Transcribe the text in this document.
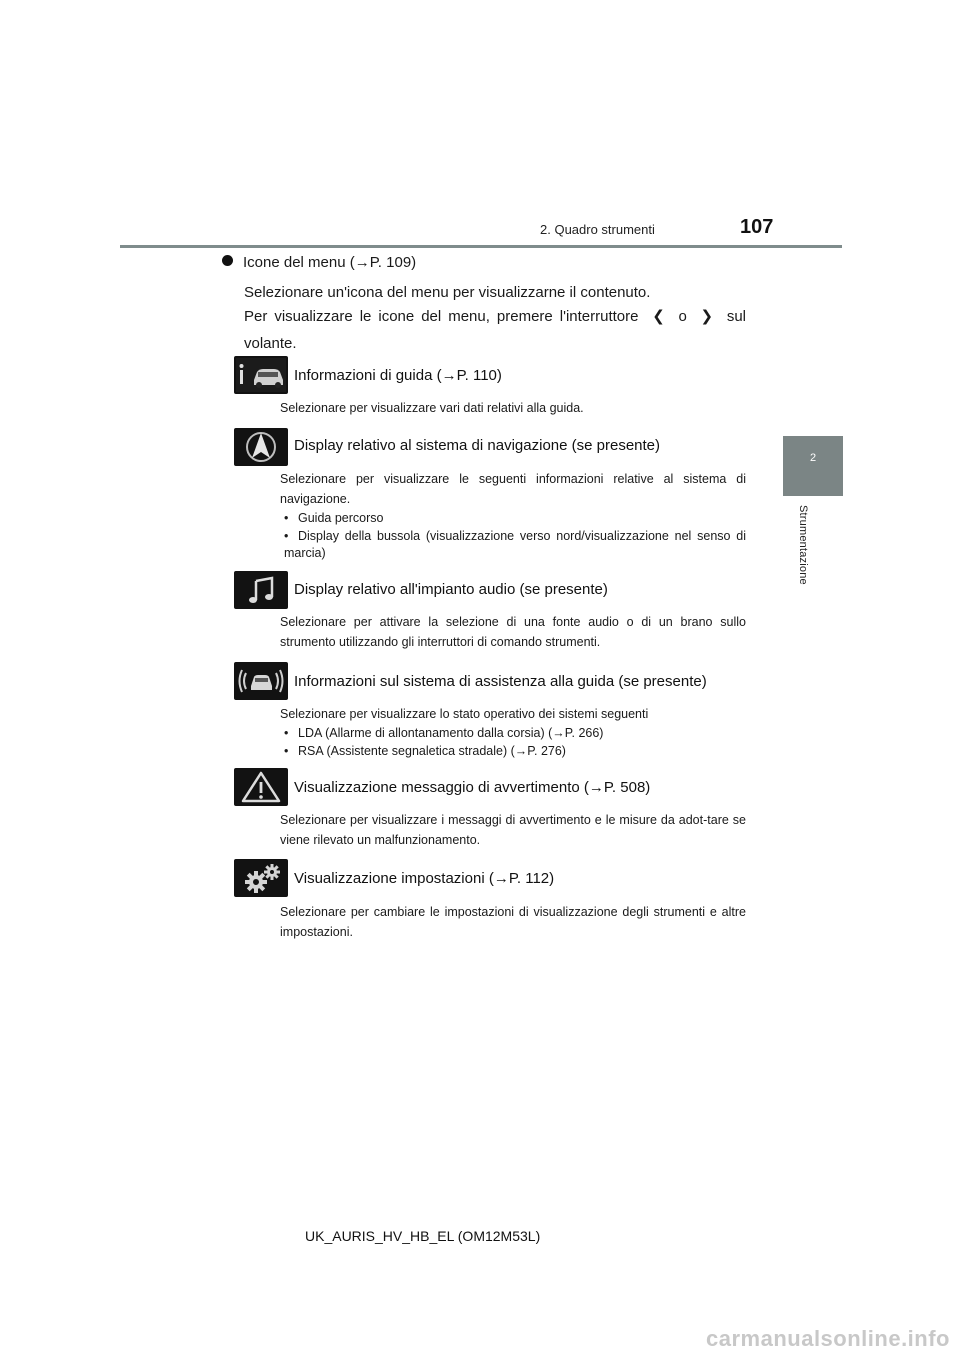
2. Quadro strumenti	107
2
Strumentazione
Icone del menu (→P. 109)
Selezionare un'icona del menu per visualizzarne il contenuto.
Per visualizzare le icone del menu, premere l'interruttore ❮ o ❯ sul volante.
Informazioni di guida (→P. 110)
Selezionare per visualizzare vari dati relativi alla guida.
Display relativo al sistema di navigazione (se presente)
Selezionare per visualizzare le seguenti informazioni relative al sistema di navigazione.
• Guida percorso
• Display della bussola (visualizzazione verso nord/visualizzazione nel senso di marcia)
Display relativo all'impianto audio (se presente)
Selezionare per attivare la selezione di una fonte audio o di un brano sullo strumento utilizzando gli interruttori di comando strumenti.
Informazioni sul sistema di assistenza alla guida (se presente)
Selezionare per visualizzare lo stato operativo dei sistemi seguenti
• LDA (Allarme di allontanamento dalla corsia) (→P. 266)
• RSA (Assistente segnaletica stradale) (→P. 276)
Visualizzazione messaggio di avvertimento (→P. 508)
Selezionare per visualizzare i messaggi di avvertimento e le misure da adot-tare se viene rilevato un malfunzionamento.
Visualizzazione impostazioni (→P. 112)
Selezionare per cambiare le impostazioni di visualizzazione degli strumenti e altre impostazioni.
UK_AURIS_HV_HB_EL (OM12M53L)
carmanualsonline.info
